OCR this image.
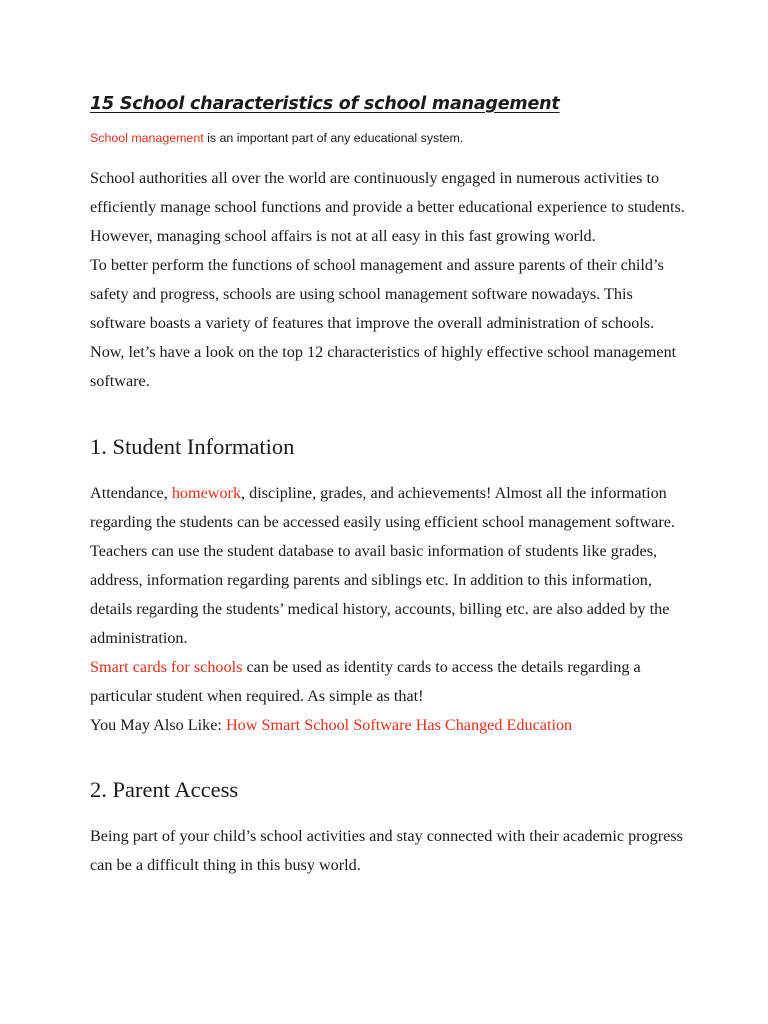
15 School characteristics of school management

School management is an important part of any educational system.

School authorities all over the world are continuously engaged in numerous activities to efficiently manage school functions and provide a better educational experience to students.

However, managing school affairs is not at all easy in this fast growing world.

To better perform the functions of school management and assure parents of their child’s safety and progress, schools are using school management software nowadays. This software boasts a variety of features that improve the overall administration of schools. Now, let’s have a look on the top 12 characteristics of highly effective school management software.

1. Student Information

Attendance, homework, discipline, grades, and achievements! Almost all the information regarding the students can be accessed easily using efficient school management software.

Teachers can use the student database to avail basic information of students like grades, address, information regarding parents and siblings etc. In addition to this information, details regarding the students’ medical history, accounts, billing etc. are also added by the administration.

Smart cards for schools can be used as identity cards to access the details regarding a particular student when required. As simple as that!

You May Also Like: How Smart School Software Has Changed Education

2. Parent Access

Being part of your child’s school activities and stay connected with their academic progress can be a difficult thing in this busy world.
